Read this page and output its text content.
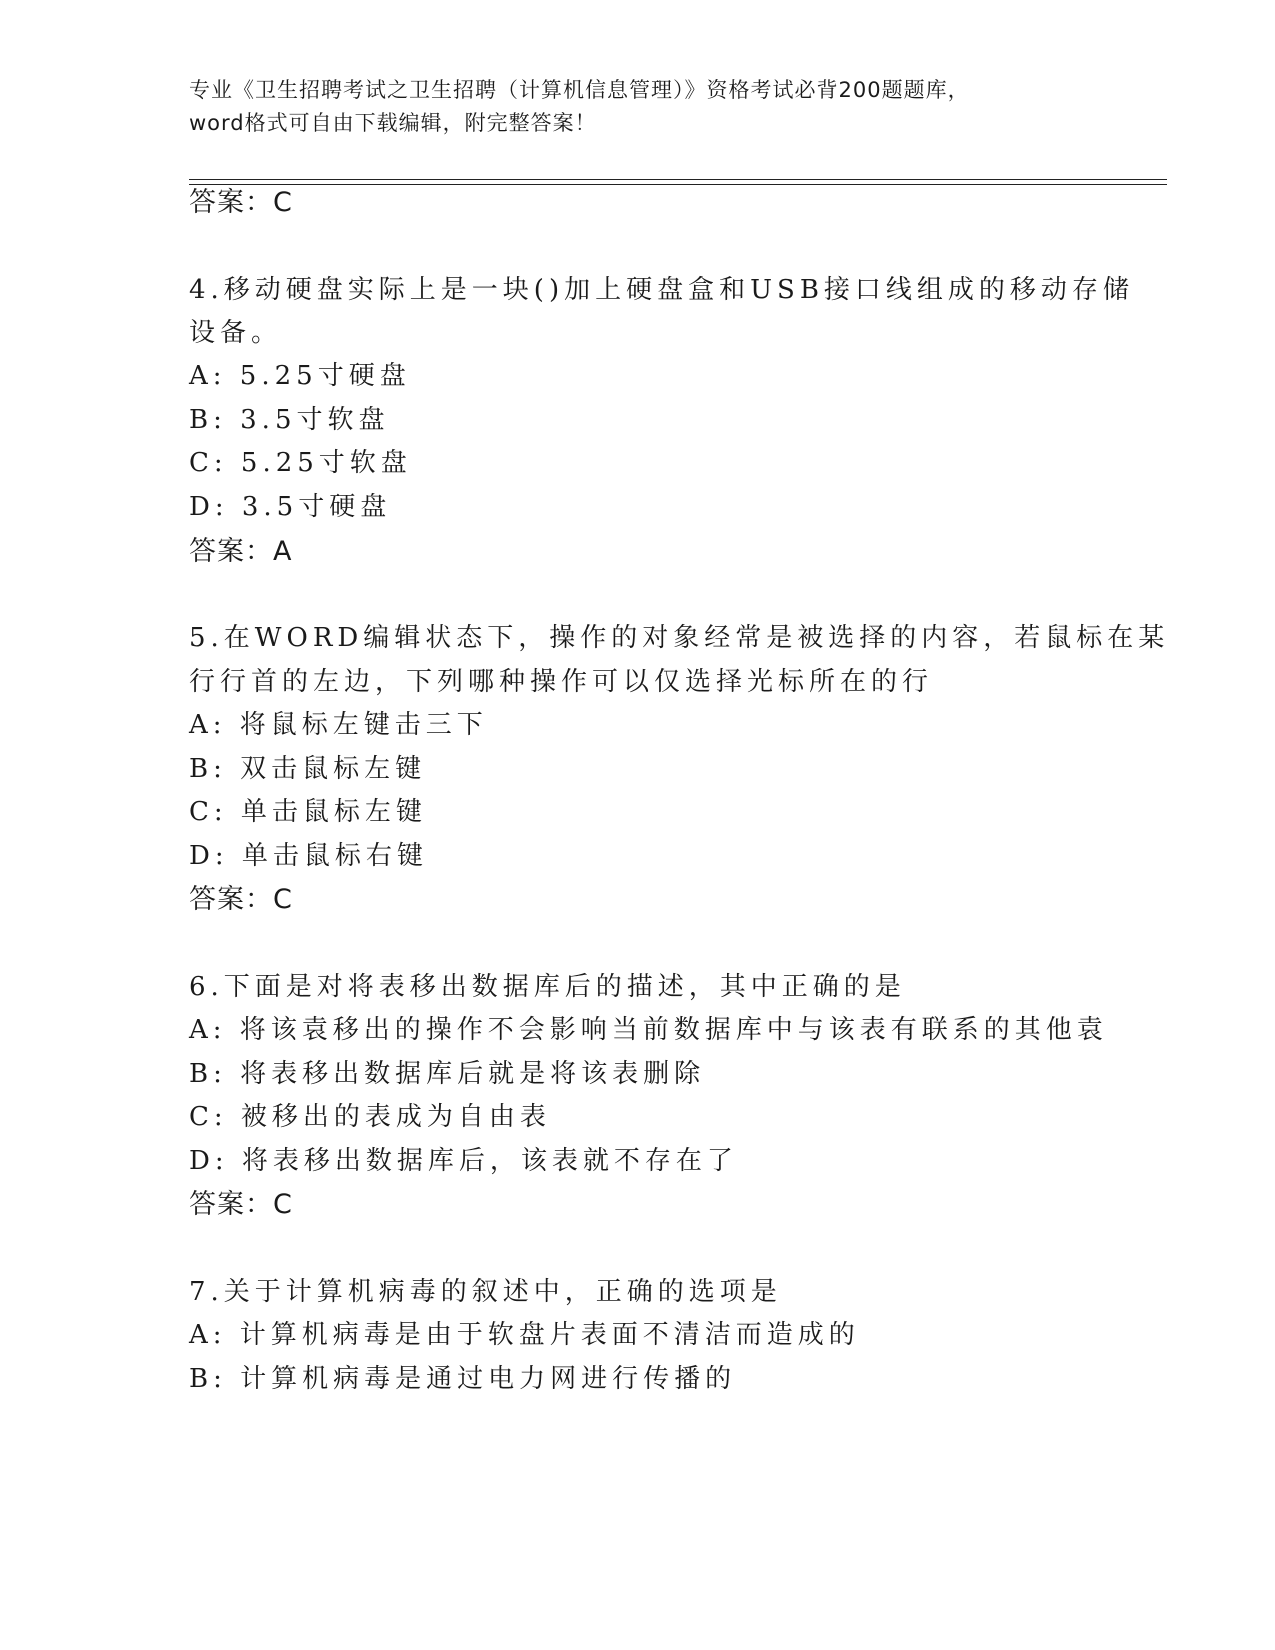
专业《卫生招聘考试之卫生招聘（计算机信息管理）》资格考试必背200题题库，
word格式可自由下载编辑，附完整答案！
答案：C
4.移动硬盘实际上是一块()加上硬盘盒和USB接口线组成的移动存储
设备。
A: 5.25寸硬盘
B: 3.5寸软盘
C: 5.25寸软盘
D: 3.5寸硬盘
答案：A
5.在WORD编辑状态下，操作的对象经常是被选择的内容，若鼠标在某
行行首的左边，下列哪种操作可以仅选择光标所在的行
A: 将鼠标左键击三下
B: 双击鼠标左键
C: 单击鼠标左键
D: 单击鼠标右键
答案：C
6.下面是对将表移出数据库后的描述，其中正确的是
A: 将该袁移出的操作不会影响当前数据库中与该表有联系的其他袁
B: 将表移出数据库后就是将该表删除
C: 被移出的表成为自由表
D: 将表移出数据库后，该表就不存在了
答案：C
7.关于计算机病毒的叙述中，正确的选项是
A: 计算机病毒是由于软盘片表面不清洁而造成的
B: 计算机病毒是通过电力网进行传播的
